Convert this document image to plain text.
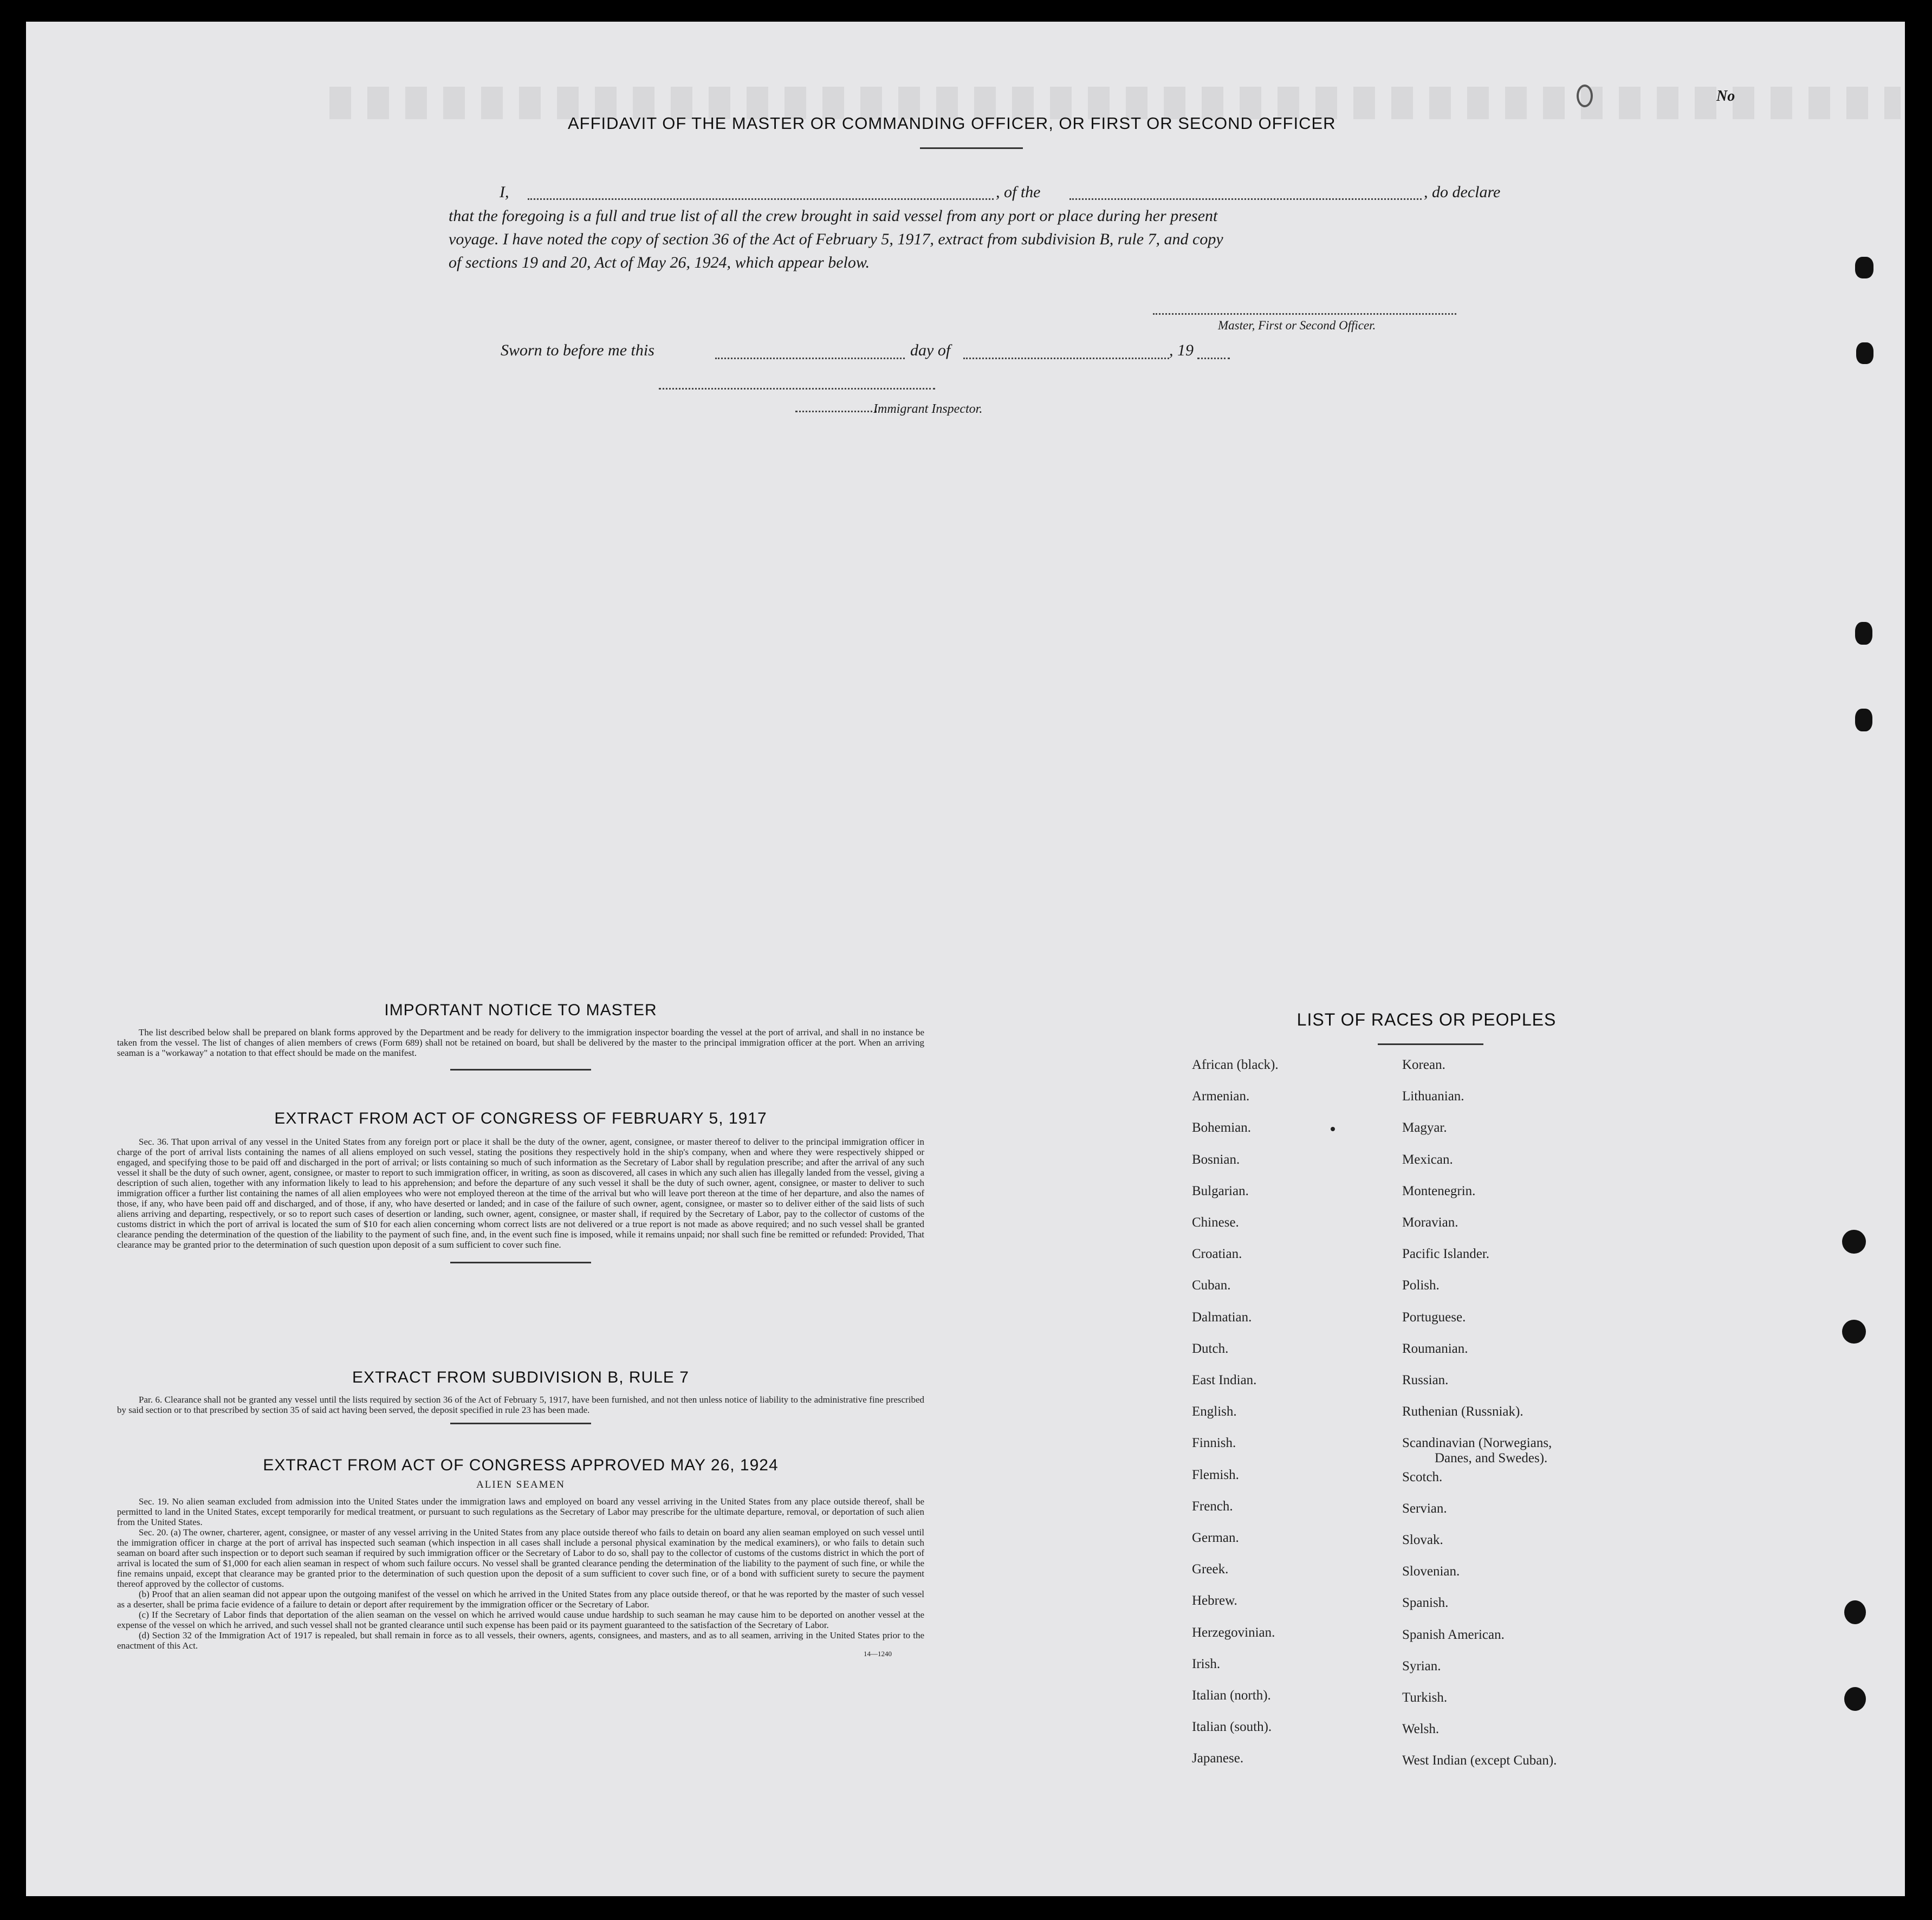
No
AFFIDAVIT OF THE MASTER OR COMMANDING OFFICER, OR FIRST OR SECOND OFFICER
I,	, of the	, do declare
that the foregoing is a full and true list of all the crew brought in said vessel from any port or place during her present
voyage. I have noted the copy of section 36 of the Act of February 5, 1917, extract from subdivision B, rule 7, and copy
of sections 19 and 20, Act of May 26, 1924, which appear below.
Master, First or Second Officer.
Sworn to before me this	day of	, 19
Immigrant Inspector.
IMPORTANT NOTICE TO MASTER
The list described below shall be prepared on blank forms approved by the Department and be ready for delivery to the immigration inspector boarding the vessel at the port of arrival, and shall in no instance be taken from the vessel. The list of changes of alien members of crews (Form 689) shall not be retained on board, but shall be delivered by the master to the principal immigration officer at the port. When an arriving seaman is a "workaway" a notation to that effect should be made on the manifest.
EXTRACT FROM ACT OF CONGRESS OF FEBRUARY 5, 1917
Sec. 36. That upon arrival of any vessel in the United States from any foreign port or place it shall be the duty of the owner, agent, consignee, or master thereof to deliver to the principal immigration officer in charge of the port of arrival lists containing the names of all aliens employed on such vessel, stating the positions they respectively hold in the ship's company, when and where they were respectively shipped or engaged, and specifying those to be paid off and discharged in the port of arrival; or lists containing so much of such information as the Secretary of Labor shall by regulation prescribe; and after the arrival of any such vessel it shall be the duty of such owner, agent, consignee, or master to report to such immigration officer, in writing, as soon as discovered, all cases in which any such alien has illegally landed from the vessel, giving a description of such alien, together with any information likely to lead to his apprehension; and before the departure of any such vessel it shall be the duty of such owner, agent, consignee, or master to deliver to such immigration officer a further list containing the names of all alien employees who were not employed thereon at the time of the arrival but who will leave port thereon at the time of her departure, and also the names of those, if any, who have been paid off and discharged, and of those, if any, who have deserted or landed; and in case of the failure of such owner, agent, consignee, or master so to deliver either of the said lists of such aliens arriving and departing, respectively, or so to report such cases of desertion or landing, such owner, agent, consignee, or master shall, if required by the Secretary of Labor, pay to the collector of customs of the customs district in which the port of arrival is located the sum of $10 for each alien concerning whom correct lists are not delivered or a true report is not made as above required; and no such vessel shall be granted clearance pending the determination of the question of the liability to the payment of such fine, and, in the event such fine is imposed, while it remains unpaid; nor shall such fine be remitted or refunded: Provided, That clearance may be granted prior to the determination of such question upon deposit of a sum sufficient to cover such fine.
EXTRACT FROM SUBDIVISION B, RULE 7
Par. 6. Clearance shall not be granted any vessel until the lists required by section 36 of the Act of February 5, 1917, have been furnished, and not then unless notice of liability to the administrative fine prescribed by said section or to that prescribed by section 35 of said act having been served, the deposit specified in rule 23 has been made.
EXTRACT FROM ACT OF CONGRESS APPROVED MAY 26, 1924
ALIEN SEAMEN
Sec. 19. No alien seaman excluded from admission into the United States under the immigration laws and employed on board any vessel arriving in the United States from any place outside thereof, shall be permitted to land in the United States, except temporarily for medical treatment, or pursuant to such regulations as the Secretary of Labor may prescribe for the ultimate departure, removal, or deportation of such alien from the United States.
Sec. 20. (a) The owner, charterer, agent, consignee, or master of any vessel arriving in the United States from any place outside thereof who fails to detain on board any alien seaman employed on such vessel until the immigration officer in charge at the port of arrival has inspected such seaman (which inspection in all cases shall include a personal physical examination by the medical examiners), or who fails to detain such seaman on board after such inspection or to deport such seaman if required by such immigration officer or the Secretary of Labor to do so, shall pay to the collector of customs of the customs district in which the port of arrival is located the sum of $1,000 for each alien seaman in respect of whom such failure occurs. No vessel shall be granted clearance pending the determination of the liability to the payment of such fine, or while the fine remains unpaid, except that clearance may be granted prior to the determination of such question upon the deposit of a sum sufficient to cover such fine, or of a bond with sufficient surety to secure the payment thereof approved by the collector of customs.
(b) Proof that an alien seaman did not appear upon the outgoing manifest of the vessel on which he arrived in the United States from any place outside thereof, or that he was reported by the master of such vessel as a deserter, shall be prima facie evidence of a failure to detain or deport after requirement by the immigration officer or the Secretary of Labor.
(c) If the Secretary of Labor finds that deportation of the alien seaman on the vessel on which he arrived would cause undue hardship to such seaman he may cause him to be deported on another vessel at the expense of the vessel on which he arrived, and such vessel shall not be granted clearance until such expense has been paid or its payment guaranteed to the satisfaction of the Secretary of Labor.
(d) Section 32 of the Immigration Act of 1917 is repealed, but shall remain in force as to all vessels, their owners, agents, consignees, and masters, and as to all seamen, arriving in the United States prior to the enactment of this Act.
14—1240
LIST OF RACES OR PEOPLES
African (black).
Armenian.
Bohemian.
Bosnian.
Bulgarian.
Chinese.
Croatian.
Cuban.
Dalmatian.
Dutch.
East Indian.
English.
Finnish.
Flemish.
French.
German.
Greek.
Hebrew.
Herzegovinian.
Irish.
Italian (north).
Italian (south).
Japanese.
Korean.
Lithuanian.
Magyar.
Mexican.
Montenegrin.
Moravian.
Pacific Islander.
Polish.
Portuguese.
Roumanian.
Russian.
Ruthenian (Russniak).
Scandinavian (Norwegians,
Danes, and Swedes).
Scotch.
Servian.
Slovak.
Slovenian.
Spanish.
Spanish American.
Syrian.
Turkish.
Welsh.
West Indian (except Cuban).
